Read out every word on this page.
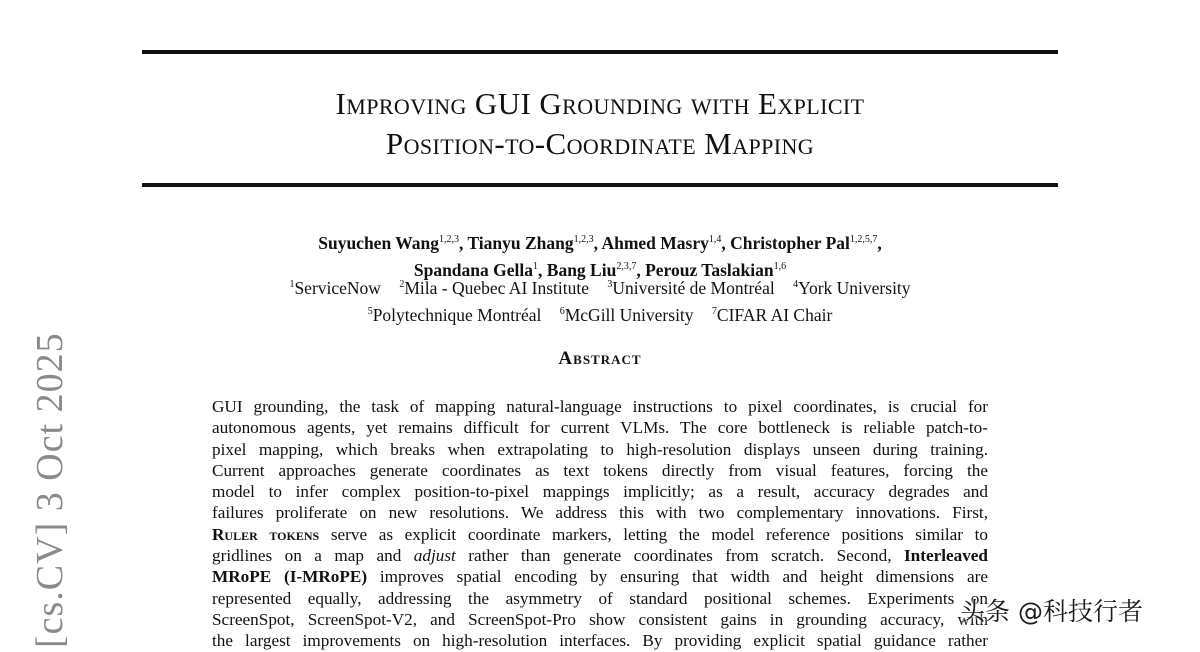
Improving GUI Grounding with Explicit
Position-to-Coordinate Mapping
Suyuchen Wang$^{1,2,3}$, Tianyu Zhang$^{1,2,3}$, Ahmed Masry$^{1,4}$, Christopher Pal$^{1,2,5,7}$,
Spandana Gella$^1$, Bang Liu$^{2,3,7}$, Perouz Taslakian$^{1,6}$
$^1$ServiceNow $^2$Mila - Quebec AI Institute $^3$Université de Montréal $^4$York University
$^5$Polytechnique Montréal $^6$McGill University $^7$CIFAR AI Chair
Abstract
GUI grounding, the task of mapping natural-language instructions to pixel coordinates, is crucial for
autonomous agents, yet remains difficult for current VLMs. The core bottleneck is reliable patch-to-
pixel mapping, which breaks when extrapolating to high-resolution displays unseen during training.
Current approaches generate coordinates as text tokens directly from visual features, forcing the
model to infer complex position-to-pixel mappings implicitly; as a result, accuracy degrades and
failures proliferate on new resolutions. We address this with two complementary innovations. First,
Ruler tokens serve as explicit coordinate markers, letting the model reference positions similar to
gridlines on a map and adjust rather than generate coordinates from scratch. Second, Interleaved
MRoPE (I-MRoPE) improves spatial encoding by ensuring that width and height dimensions are
represented equally, addressing the asymmetry of standard positional schemes. Experiments on
ScreenSpot, ScreenSpot-V2, and ScreenSpot-Pro show consistent gains in grounding accuracy, with
the largest improvements on high-resolution interfaces. By providing explicit spatial guidance rather
[cs.CV] 3 Oct 2025	头条 @科技行者
